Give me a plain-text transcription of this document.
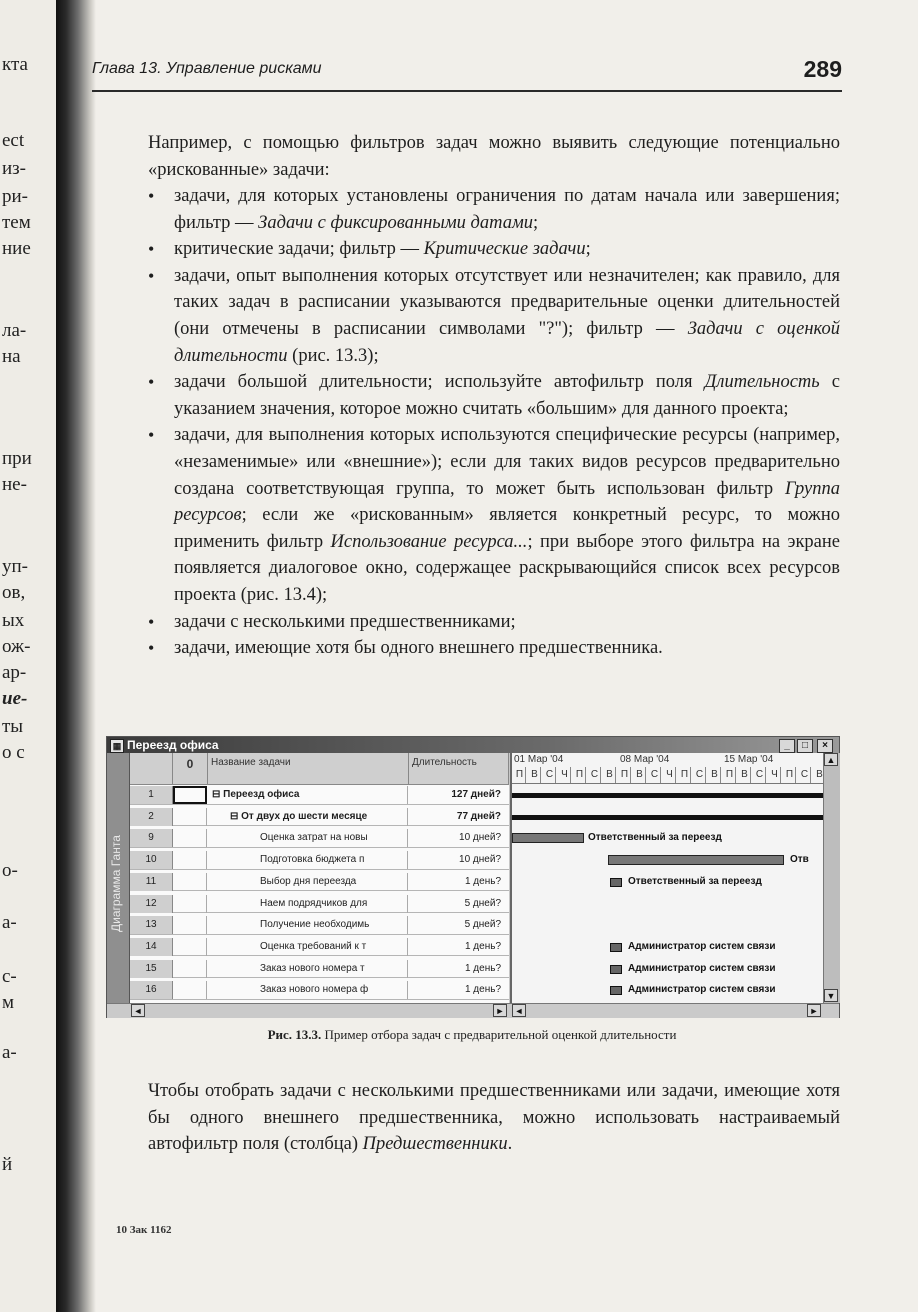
кта
ect
из-
ри-
тем
ние
ла-
на
при
не-
уп-
ов,
ых
ож-
ар-
ие-
ты
о с
о-
а-
с-
м
а-
й
Глава 13. Управление рисками	289

Например, с помощью фильтров задач можно выявить следующие потенциально «рискованные» задачи:

• задачи, для которых установлены ограничения по датам начала или завершения; фильтр — Задачи с фиксированными датами;
• критические задачи; фильтр — Критические задачи;
• задачи, опыт выполнения которых отсутствует или незначителен; как правило, для таких задач в расписании указываются предварительные оценки длительностей (они отмечены в расписании символами "?"); фильтр — Задачи с оценкой длительности (рис. 13.3);
• задачи большой длительности; используйте автофильтр поля Длительность с указанием значения, которое можно считать «большим» для данного проекта;
• задачи, для выполнения которых используются специфические ресурсы (например, «незаменимые» или «внешние»); если для таких видов ресурсов предварительно создана соответствующая группа, то может быть использован фильтр Группа ресурсов; если же «рискованным» является конкретный ресурс, то можно применить фильтр Использование ресурса...; при выборе этого фильтра на экране появляется диалоговое окно, содержащее раскрывающийся список всех ресурсов проекта (рис. 13.4);
• задачи с несколькими предшественниками;
• задачи, имеющие хотя бы одного внешнего предшественника.
▦ Переезд офиса	_	□	×
Диаграмма Ганта
0	Название задачи	Длительность
1	⊟ Переезд офиса	127 дней?
2	⊟ От двух до шести месяце	77 дней?
9	Оценка затрат на новы	10 дней?
10	Подготовка бюджета п	10 дней?
11	Выбор дня переезда	1 день?
12	Наем подрядчиков для	5 дней?
13	Получение необходимь	5 дней?
14	Оценка требований к т	1 день?
15	Заказ нового номера т	1 день?
16	Заказ нового номера ф	1 день?
01 Мар '04	08 Мар '04	15 Мар '04
П В С Ч П С В П В С Ч П С В П В С Ч П С В
Ответственный за переезд
Отв
Ответственный за переезд
Администратор систем связи
Администратор систем связи
Администратор систем связи
▲
▼
◄	► ◄	►
Рис. 13.3. Пример отбора задач с предварительной оценкой длительности

Чтобы отобрать задачи с несколькими предшественниками или задачи, имеющие хотя бы одного внешнего предшественника, можно использовать настраиваемый автофильтр поля (столбца) Предшественники.

10 Зак 1162
